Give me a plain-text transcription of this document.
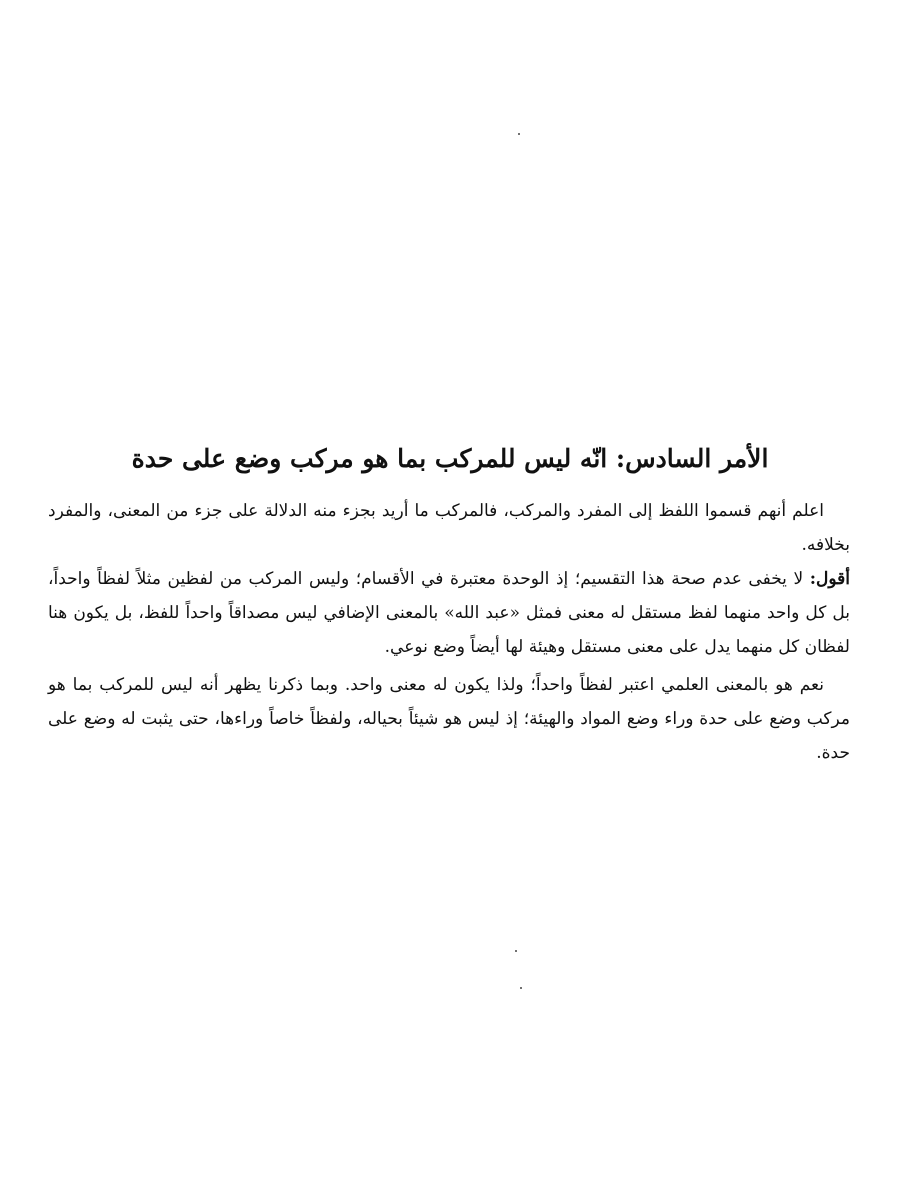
الأمر السادس: انّه ليس للمركب بما هو مركب وضع على حدة

اعلم أنهم قسموا اللفظ إلى المفرد والمركب، فالمركب ما أريد بجزء منه الدلالة على جزء من المعنى، والمفرد بخلافه.

أقول: لا يخفى عدم صحة هذا التقسيم؛ إذ الوحدة معتبرة في الأقسام؛ وليس المركب من لفظين مثلاً لفظاً واحداً، بل كل واحد منهما لفظ مستقل له معنى فمثل «عبد الله» بالمعنى الإضافي ليس مصداقاً واحداً للفظ، بل يكون هنا لفظان كل منهما يدل على معنى مستقل وهيئة لها أيضاً وضع نوعي.

نعم هو بالمعنى العلمي اعتبر لفظاً واحداً؛ ولذا يكون له معنى واحد. وبما ذكرنا يظهر أنه ليس للمركب بما هو مركب وضع على حدة وراء وضع المواد والهيئة؛ إذ ليس هو شيئاً بحياله، ولفظاً خاصاً وراءها، حتى يثبت له وضع على حدة.
